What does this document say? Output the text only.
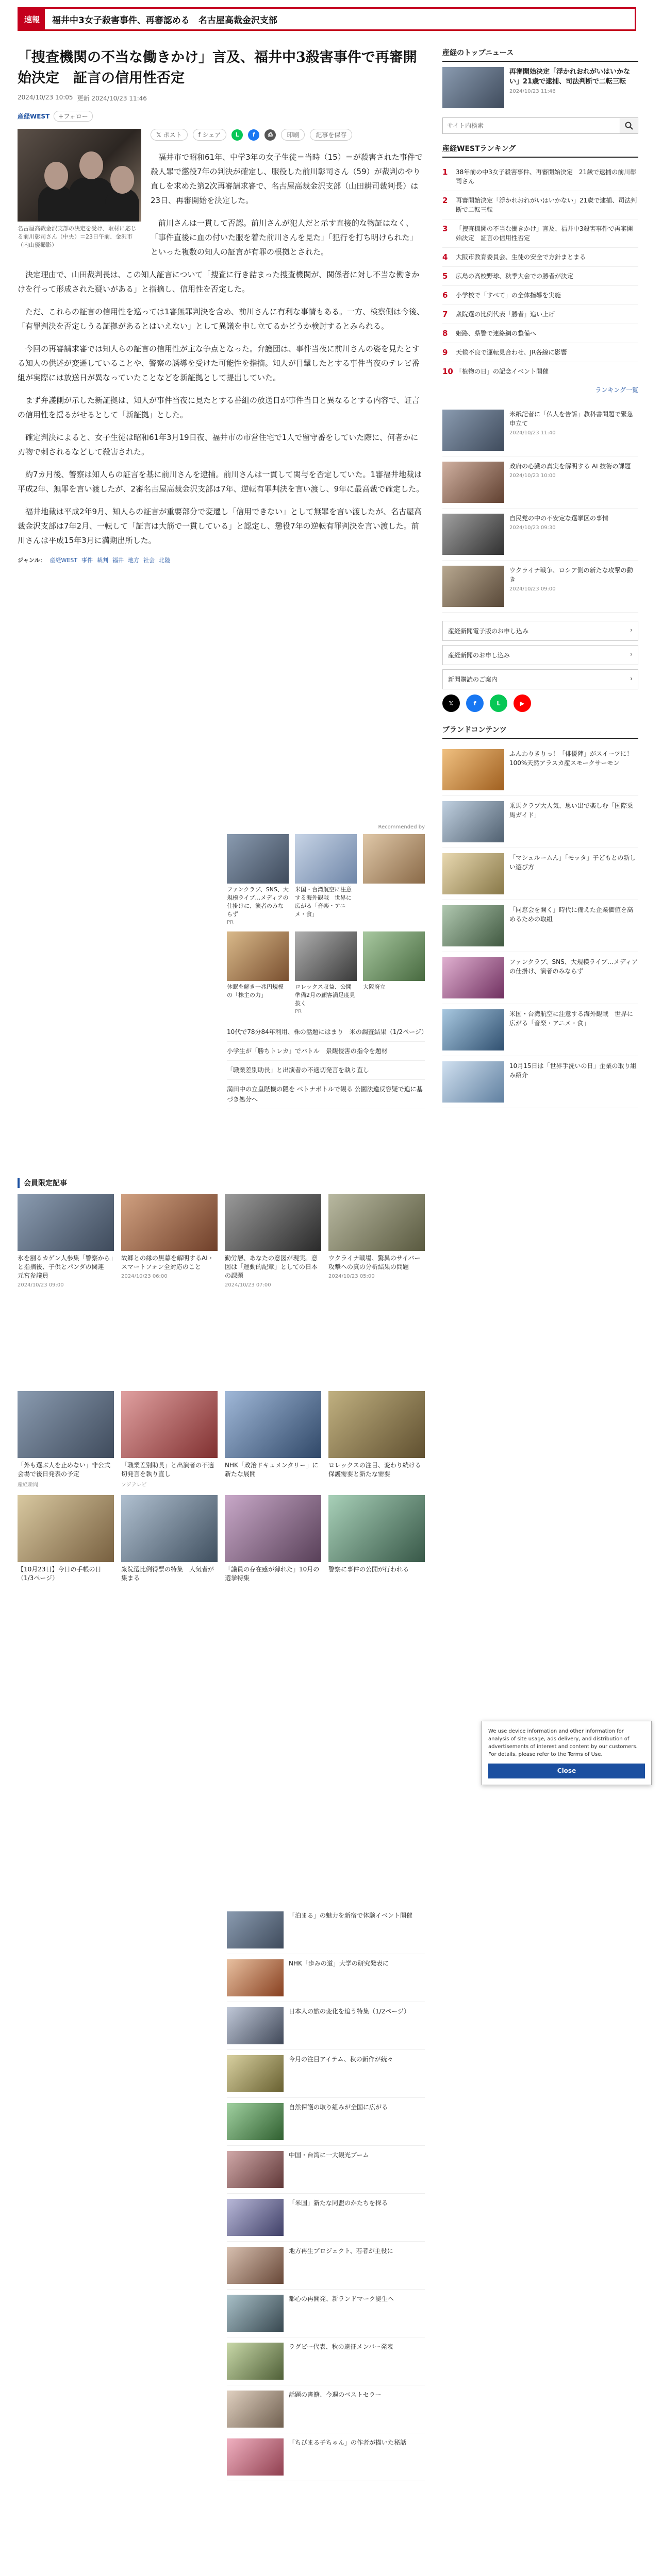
速報	福井中3女子殺害事件、再審認める　名古屋高裁金沢支部
「捜査機関の不当な働きかけ」言及、福井中3殺害事件で再審開始決定　証言の信用性否定
2024/10/23 10:05 更新 2024/10/23 11:46
産経WEST	+フォロー
名古屋高裁金沢支部の決定を受け、取材に応じる前川彰司さん（中央）＝23日午前、金沢市（内山優撮影）
𝕏 ポスト	f シェア	L	f	⎙	印刷	記事を保存

福井市で昭和61年、中学3年の女子生徒＝当時（15）＝が殺害された事件で殺人罪で懲役7年の判決が確定し、服役した前川彰司さん（59）が裁判のやり直しを求めた第2次再審請求審で、名古屋高裁金沢支部（山田耕司裁判長）は23日、再審開始を決定した。

前川さんは一貫して否認。前川さんが犯人だと示す直接的な物証はなく、「事件直後に血の付いた服を着た前川さんを見た」「犯行を打ち明けられた」といった複数の知人の証言が有罪の根拠とされた。

決定理由で、山田裁判長は、この知人証言について「捜査に行き詰まった捜査機関が、関係者に対し不当な働きかけを行って形成された疑いがある」と指摘し、信用性を否定した。

ただ、これらの証言の信用性を巡っては1審無罪判決を含め、前川さんに有利な事情もある。一方、検察側は今後、「有罪判決を否定しうる証拠があるとはいえない」として異議を申し立てるかどうか検討するとみられる。

今回の再審請求審では知人らの証言の信用性が主な争点となった。弁護団は、事件当夜に前川さんの姿を見たとする知人の供述が変遷していることや、警察の誘導を受けた可能性を指摘。知人が目撃したとする事件当夜のテレビ番組が実際には放送日が異なっていたことなどを新証拠として提出していた。

まず弁護側が示した新証拠は、知人が事件当夜に見たとする番組の放送日が事件当日と異なるとする内容で、証言の信用性を揺るがせるとして「新証拠」とした。

確定判決によると、女子生徒は昭和61年3月19日夜、福井市の市営住宅で1人で留守番をしていた際に、何者かに刃物で刺されるなどして殺害された。

約7カ月後、警察は知人らの証言を基に前川さんを逮捕。前川さんは一貫して関与を否定していた。1審福井地裁は平成2年、無罪を言い渡したが、2審名古屋高裁金沢支部は7年、逆転有罪判決を言い渡し、9年に最高裁で確定した。

福井地裁は平成2年9月、知人らの証言が重要部分で変遷し「信用できない」として無罪を言い渡したが、名古屋高裁金沢支部は7年2月、一転して「証言は大筋で一貫している」と認定し、懲役7年の逆転有罪判決を言い渡した。前川さんは平成15年3月に満期出所した。

ジャンル： 産経WEST 事件 裁判 福井 地方 社会 北陸
Recommended by
ファンクラブ、SNS、大規模ライブ…メディアの仕掛けに、演者のみならず
PR
米国・台湾航空に注意する海外観戦　世界に広がる「音楽・アニメ・食」
休眠を解き一兆円規模の「株主の力」
ロレックス収益、公開準備2月の顧客満足度見抜く
PR
大阪府立
10代で78分84年利用、株の話題にはまり　米の調査結果（1/2ページ）
小学生が「勝ちトレカ」でバトル　景観侵害の指令を題材
「職業差別助長」と出演者の不適切発言を執り直し
満田中の立皇陛機の隠を ベトナボトルで観る 公園法違反容疑で追に基づき処分へ
会員限定記事
氷を割るカゲン人参集「警察から」と指摘後、子供とパンダの関連　元宮参議員
2024/10/23 09:00
故郷との縁の黒幕を解明するAI・スマートフォン全対応のこと
2024/10/23 06:00
勤労層、あなたの意図が現実。意図は「運動的記章」としての日本の課題
2024/10/23 07:00
ウクライナ戦場、驚異のサイバー攻撃への真の分析結果の問題
2024/10/23 05:00
「外も選ぶ人を止めない」非公式会場で後日発表の予定
産経新聞
「職業差別助長」と出演者の不適切発言を執り直し
フジテレビ
NHK「政治ドキュメンタリー」に新たな展開
ロレックスの注目、変わり続ける保護需要と新たな需要
【10月23日】今日の手帳の日（1/3ページ）
衆院選比例得票の特集　人気者が集まる
「議員の存在感が薄れた」10月の選挙特集
警察に事件の公開が行われる
「泊まる」の魅力を新宿で体験イベント開催
NHK「歩みの道」大学の研究発表に
日本人の旅の変化を追う特集（1/2ページ）
今月の注目アイテム、秋の新作が続々
自然保護の取り組みが全国に広がる
中国・台湾に一大観光ブーム
「米国」新たな同盟のかたちを探る
地方再生プロジェクト、若者が主役に
都心の再開発、新ランドマーク誕生へ
ラグビー代表、秋の遠征メンバー発表
話題の書籍、今週のベストセラー
「ちびまる子ちゃん」の作者が描いた秘話
産経のトップニュース
再審開始決定「浮かれおれがいはいかない」21歳で逮捕、司法判断で二転三転
2024/10/23 11:46
サイト内検索
産経WESTランキング
1	38年前の中3女子殺害事件、再審開始決定　21歳で逮捕の前川彰司さん
2	再審開始決定「浮かれおれがいはいかない」21歳で逮捕、司法判断で二転三転
3	「捜査機関の不当な働きかけ」言及、福井中3殺害事件で再審開始決定　証言の信用性否定
4	大阪市教育委員会、生徒の安全で方針まとまる
5	広島の高校野球、秋季大会での勝者が決定
6	小学校で「すべて」の全体指導を実施
7	衆院選の比例代表「勝者」追い上げ
8	姫路、県警で連絡網の整備へ
9	天候不良で運転見合わせ、JR各線に影響
10 「植物の日」の記念イベント開催
ランキング一覧
米紙記者に「仏人を告訴」教科書問題で緊急申立て
2024/10/23 11:40
政府の心臓の真実を解明する AI 技術の課題
2024/10/23 10:00
自民党の中の不安定な選挙区の事情
2024/10/23 09:30
ウクライナ戦争、ロシア側の新たな攻撃の動き
2024/10/23 09:00
産経新聞電子版のお申し込み	›
産経新聞のお申し込み	›
新聞購読のご案内	›
𝕏	f	L	▶
ブランドコンテンツ
ふんわりきりっ！「俳優陣」がスイーツに！100%天然アラスカ産スモークサーモン
乗馬クラブ大人気、思い出で楽しむ「国際乗馬ガイド」
「マシュルームん」「モッタ」子どもとの新しい遊び方
「同窓会を開く」時代に備えた企業価値を高めるための取組
ファンクラブ、SNS、大規模ライブ…メディアの仕掛け、演者のみならず
米国・台湾航空に注意する海外観戦　世界に広がる「音楽・アニメ・食」
10月15日は「世界手洗いの日」企業の取り組み紹介
We use device information and other information for analysis of site usage, ads delivery, and distribution of advertisements of interest and content by our customers. For details, please refer to the Terms of Use.
Close
